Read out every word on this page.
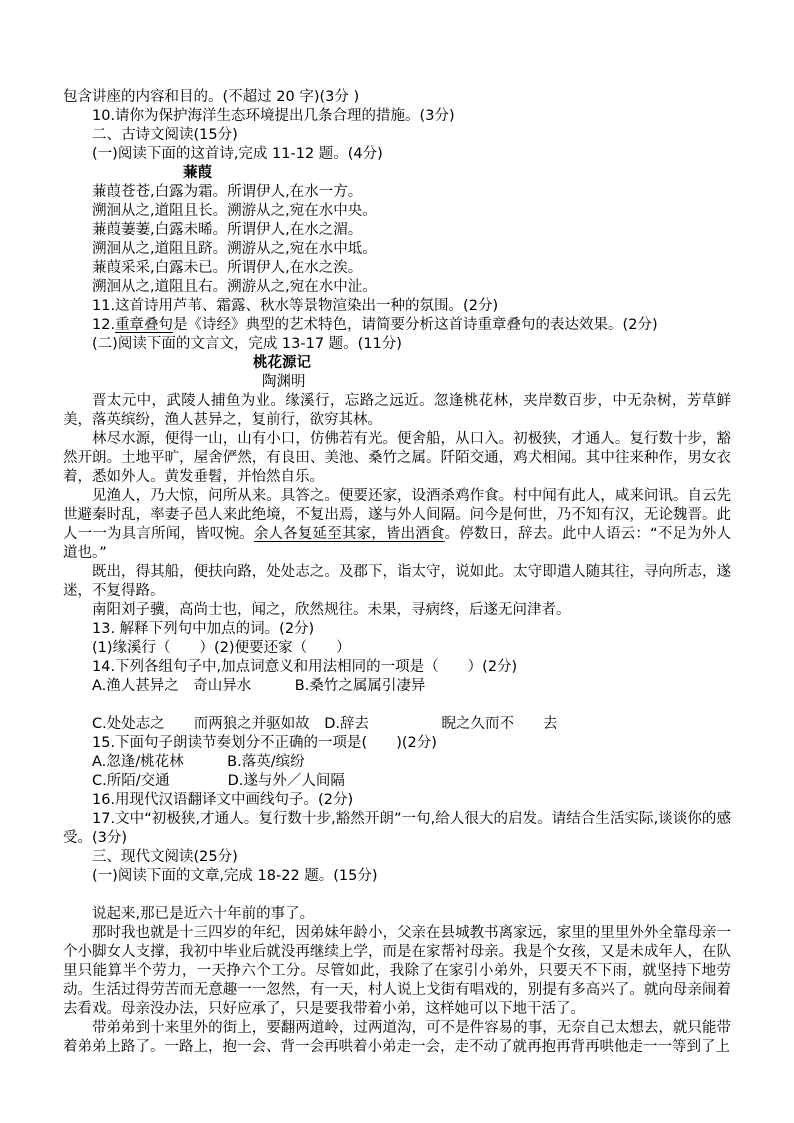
包含讲座的内容和目的。(不超过 20 字)(3分 )
10.请你为保护海洋生态环境提出几条合理的措施。(3分)
二、古诗文阅读(15分)
(一)阅读下面的这首诗,完成 11-12 题。(4分)
蒹葭
蒹葭苍苍,白露为霜。所谓伊人,在水一方。
溯洄从之,道阻且长。溯游从之,宛在水中央。
蒹葭萋萋,白露未晞。所谓伊人,在水之湄。
溯洄从之,道阻且跻。溯游从之,宛在水中坻。
蒹葭采采,白露未已。所谓伊人,在水之涘。
溯洄从之,道阻且右。溯游从之,宛在水中沚。
11.这首诗用芦苇、霜露、秋水等景物渲染出一种的氛围。(2分)
12.重章叠句是《诗经》典型的艺术特色，请简要分析这首诗重章叠句的表达效果。(2分)
(二)阅读下面的文言文，完成 13-17 题。(11分)
桃花源记
陶渊明

晋太元中，武陵人捕鱼为业。缘溪行，忘路之远近。忽逢桃花林，夹岸数百步，中无杂树，芳草鲜美，落英缤纷，渔人甚异之，复前行，欲穷其林。

林尽水源，便得一山，山有小口，仿佛若有光。便舍船，从口入。初极狭，才通人。复行数十步，豁然开朗。土地平旷，屋舍俨然，有良田、美池、桑竹之属。阡陌交通，鸡犬相闻。其中往来种作，男女衣着，悉如外人。黄发垂髫，并怡然自乐。

见渔人，乃大惊，问所从来。具答之。便要还家，设酒杀鸡作食。村中闻有此人，咸来问讯。自云先世避秦时乱，率妻子邑人来此绝境，不复出焉，遂与外人间隔。问今是何世，乃不知有汉，无论魏晋。此人一一为具言所闻，皆叹惋。余人各复延至其家，皆出酒食。停数日，辞去。此中人语云：“不足为外人道也。”

既出，得其船，便扶向路，处处志之。及郡下，诣太守，说如此。太守即遣人随其往，寻向所志，遂迷，不复得路。

南阳刘子骥，高尚士也，闻之，欣然规往。未果，寻病终，后遂无问津者。

13. 解释下列句中加点的词。(2分)
(1)缘溪行（　　）(2)便要还家（　　）
14.下列各组句子中,加点词意义和用法相同的一项是（　　）(2分)
A.渔人甚异之　奇山异水　　　B.桑竹之属属引凄异
C.处处志之　　而两狼之并驱如故　D.辞去　　　　　睨之久而不　　去
15.下面句子朗读节奏划分不正确的一项是(　　)(2分)
A.忽逢/桃花林　　　B.落英/缤纷
C.所陌/交通　　　　D.遂与外／人间隔
16.用现代汉语翻译文中画线句子。(2分)

17.文中“初极狭,才通人。复行数十步,豁然开朗”一句,给人很大的启发。请结合生活实际,谈谈你的感受。(3分)

三、现代文阅读(25分)
(一)阅读下面的文章,完成 18-22 题。(15分)

说起来,那已是近六十年前的事了。

那时我也就是十三四岁的年纪，因弟妹年龄小，父亲在县城教书离家远，家里的里里外外全靠母亲一个小脚女人支撑，我初中毕业后就没再继续上学，而是在家帮衬母亲。我是个女孩，又是未成年人，在队里只能算半个劳力，一天挣六个工分。尽管如此，我除了在家引小弟外，只要天不下雨，就坚持下地劳动。生活过得劳苦而无意趣一一忽然，有一天，村人说上戈街有唱戏的，别提有多高兴了。就向母亲闹着去看戏。母亲没办法，只好应承了，只是要我带着小弟，这样她可以下地干活了。

带弟弟到十来里外的街上，要翻两道岭，过两道沟，可不是件容易的事，无奈自己太想去，就只能带着弟弟上路了。一路上，抱一会、背一会再哄着小弟走一会，走不动了就再抱再背再哄他走一一等到了上
